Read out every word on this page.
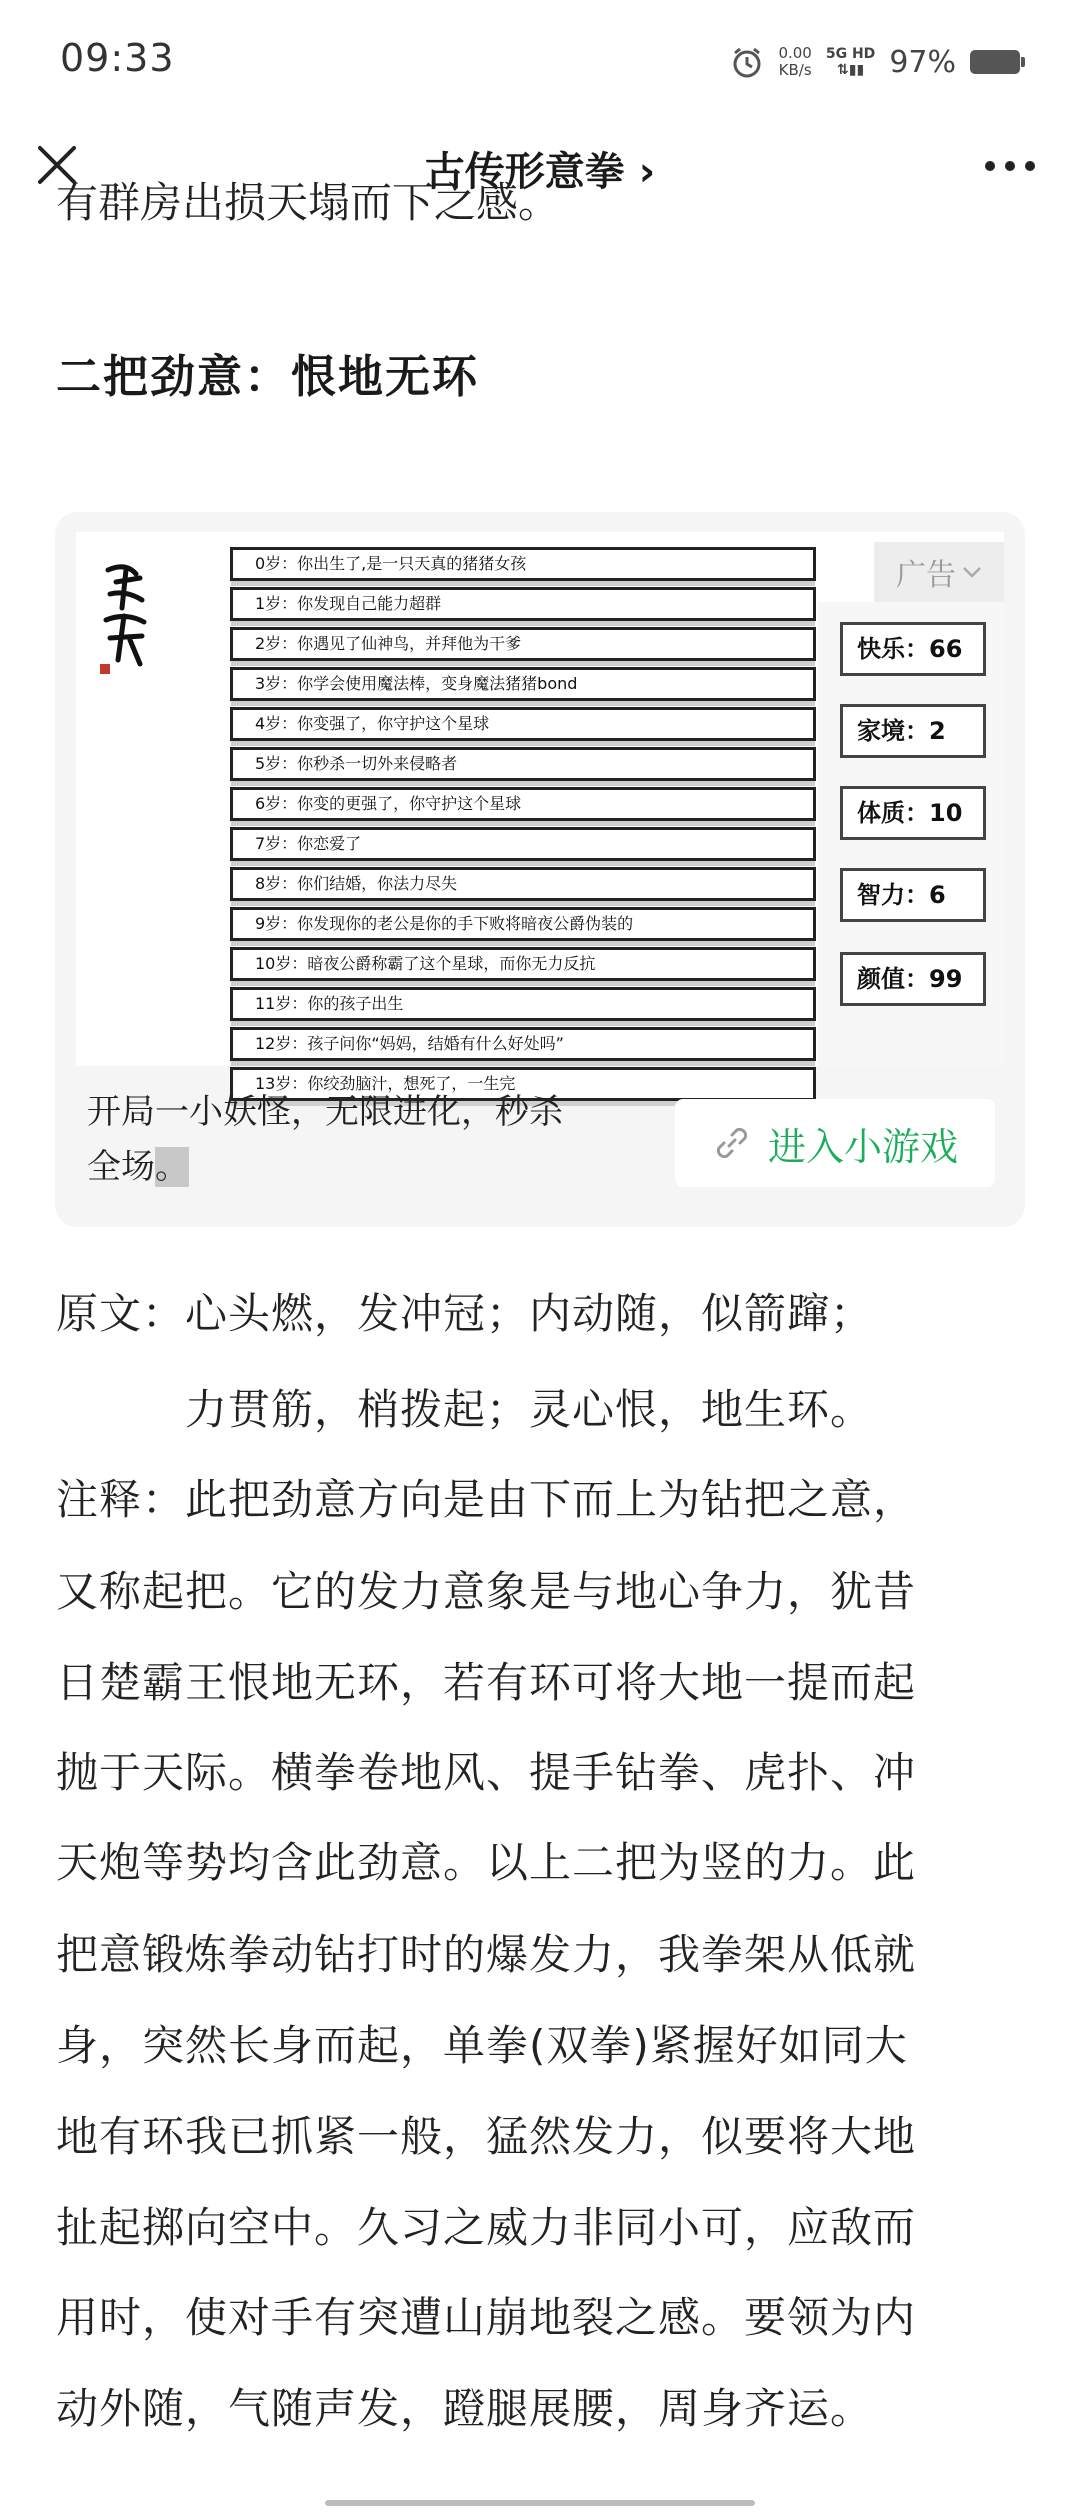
09:33	0.00
KB/s
5G HD
⇅▮▮ 97%
古传形意拳 ›
有群房出损天塌而下之感。
二把劲意：恨地无环
0岁：你出生了,是一只天真的猪猪女孩
1岁：你发现自己能力超群
2岁：你遇见了仙神鸟，并拜他为干爹
3岁：你学会使用魔法棒，变身魔法猪猪bond
4岁：你变强了，你守护这个星球
5岁：你秒杀一切外来侵略者
6岁：你变的更强了，你守护这个星球
7岁：你恋爱了
8岁：你们结婚，你法力尽失
9岁：你发现你的老公是你的手下败将暗夜公爵伪装的
10岁：暗夜公爵称霸了这个星球，而你无力反抗
11岁：你的孩子出生
12岁：孩子问你“妈妈，结婚有什么好处吗”
13岁：你绞劲脑汁，想死了，一生完
快乐：66
家境：2
体质：10
智力：6
颜值：99
广告
开局一小妖怪，无限进化，秒杀
全场。	进入小游戏
原文：心头燃，发冲冠；内动随，似箭蹿；
　　　力贯筋，梢拨起；灵心恨，地生环。
注释：此把劲意方向是由下而上为钻把之意，
又称起把。它的发力意象是与地心争力，犹昔
日楚霸王恨地无环，若有环可将大地一提而起
抛于天际。横拳卷地风、提手钻拳、虎扑、冲
天炮等势均含此劲意。以上二把为竖的力。此
把意锻炼拳动钻打时的爆发力，我拳架从低就
身，突然长身而起，单拳(双拳)紧握好如同大
地有环我已抓紧一般，猛然发力，似要将大地
扯起掷向空中。久习之威力非同小可，应敌而
用时，使对手有突遭山崩地裂之感。要领为内
动外随，气随声发，蹬腿展腰，周身齐运。
